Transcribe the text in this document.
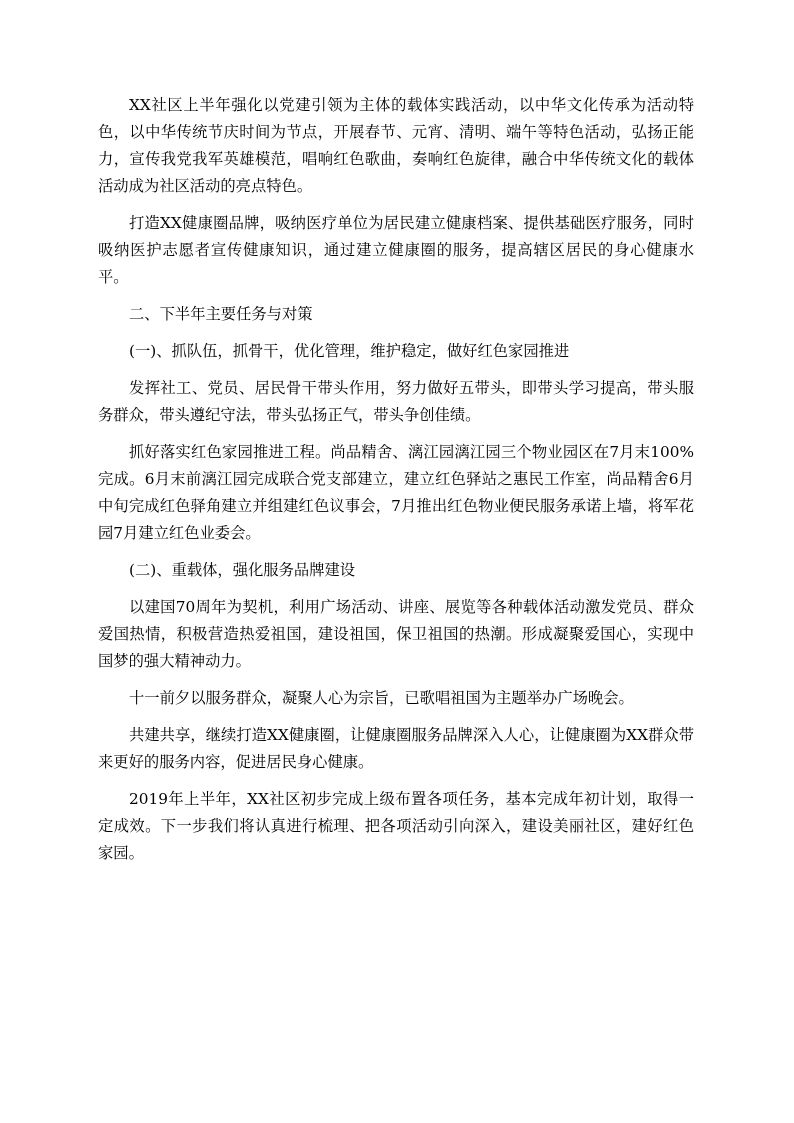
XX社区上半年强化以党建引领为主体的载体实践活动，以中华文化传承为活动特色，以中华传统节庆时间为节点，开展春节、元宵、清明、端午等特色活动，弘扬正能力，宣传我党我军英雄模范，唱响红色歌曲，奏响红色旋律，融合中华传统文化的载体活动成为社区活动的亮点特色。

打造XX健康圈品牌，吸纳医疗单位为居民建立健康档案、提供基础医疗服务，同时吸纳医护志愿者宣传健康知识，通过建立健康圈的服务，提高辖区居民的身心健康水平。

二、下半年主要任务与对策

(一)、抓队伍，抓骨干，优化管理，维护稳定，做好红色家园推进

发挥社工、党员、居民骨干带头作用，努力做好五带头，即带头学习提高，带头服务群众，带头遵纪守法，带头弘扬正气，带头争创佳绩。

抓好落实红色家园推进工程。尚品精舍、漓江园漓江园三个物业园区在7月末100%完成。6月末前漓江园完成联合党支部建立，建立红色驿站之惠民工作室，尚品精舍6月中旬完成红色驿角建立并组建红色议事会，7月推出红色物业便民服务承诺上墙，将军花园7月建立红色业委会。

(二)、重载体，强化服务品牌建设

以建国70周年为契机，利用广场活动、讲座、展览等各种载体活动激发党员、群众爱国热情，积极营造热爱祖国，建设祖国，保卫祖国的热潮。形成凝聚爱国心，实现中国梦的强大精神动力。

十一前夕以服务群众，凝聚人心为宗旨，已歌唱祖国为主题举办广场晚会。

共建共享，继续打造XX健康圈，让健康圈服务品牌深入人心，让健康圈为XX群众带来更好的服务内容，促进居民身心健康。

2019年上半年，XX社区初步完成上级布置各项任务，基本完成年初计划，取得一定成效。下一步我们将认真进行梳理、把各项活动引向深入，建设美丽社区，建好红色家园。
